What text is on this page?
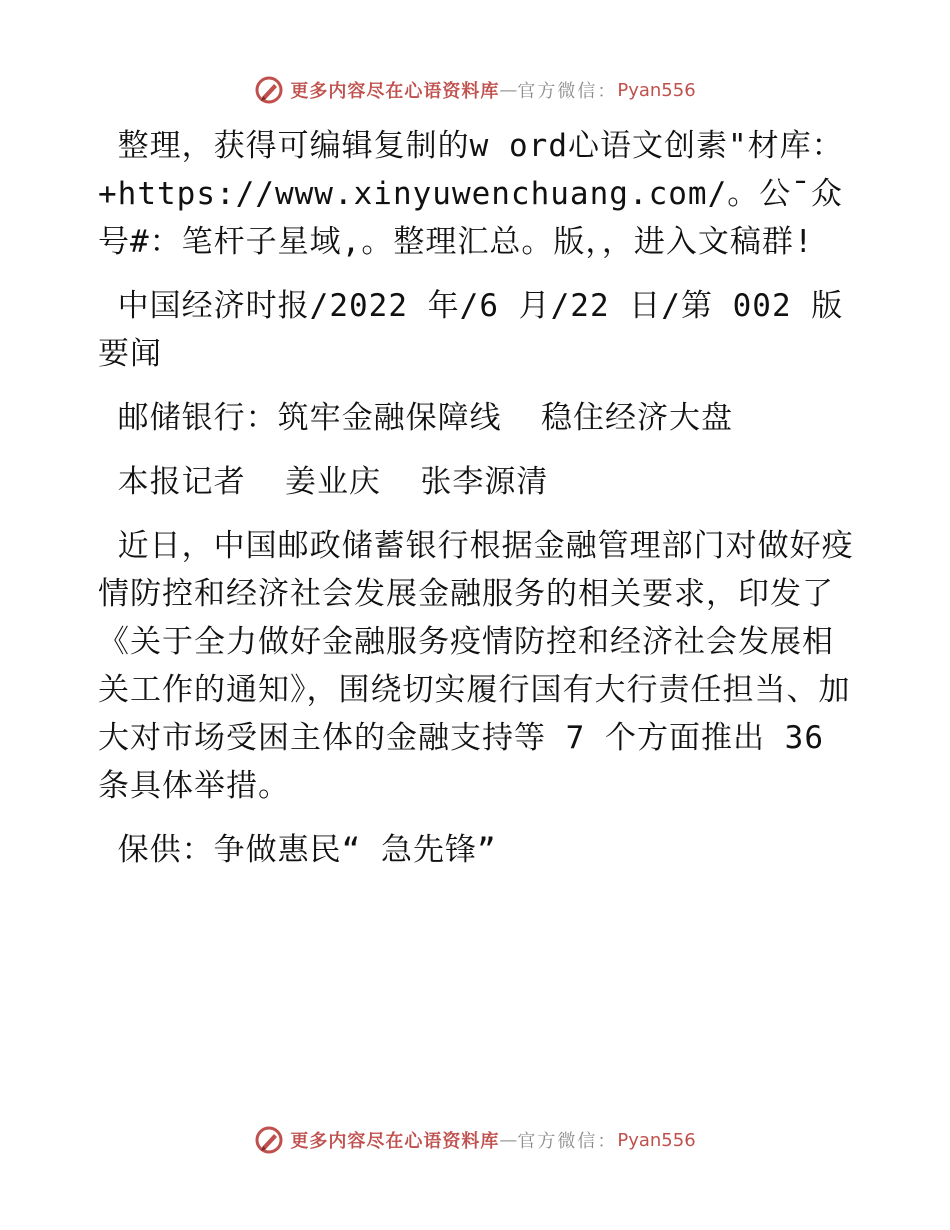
更多内容尽在心语资料库 — 官方微信： Pyan556

整理，获得可编辑复制的w ord心语文创素"材库：+https://www.xinyuwenchuang.com/。公¯众号#：笔杆子星域,。整理汇总。版，，进入文稿群!

中国经济时报/2022 年/6 月/22 日/第 002 版要闻

邮储银行：筑牢金融保障线  稳住经济大盘

本报记者  姜业庆  张李源清

近日，中国邮政储蓄银行根据金融管理部门对做好疫情防控和经济社会发展金融服务的相关要求，印发了《关于全力做好金融服务疫情防控和经济社会发展相关工作的通知》，围绕切实履行国有大行责任担当、加大对市场受困主体的金融支持等 7 个方面推出 36 条具体举措。

保供：争做惠民“ 急先锋”

更多内容尽在心语资料库 — 官方微信： Pyan556
